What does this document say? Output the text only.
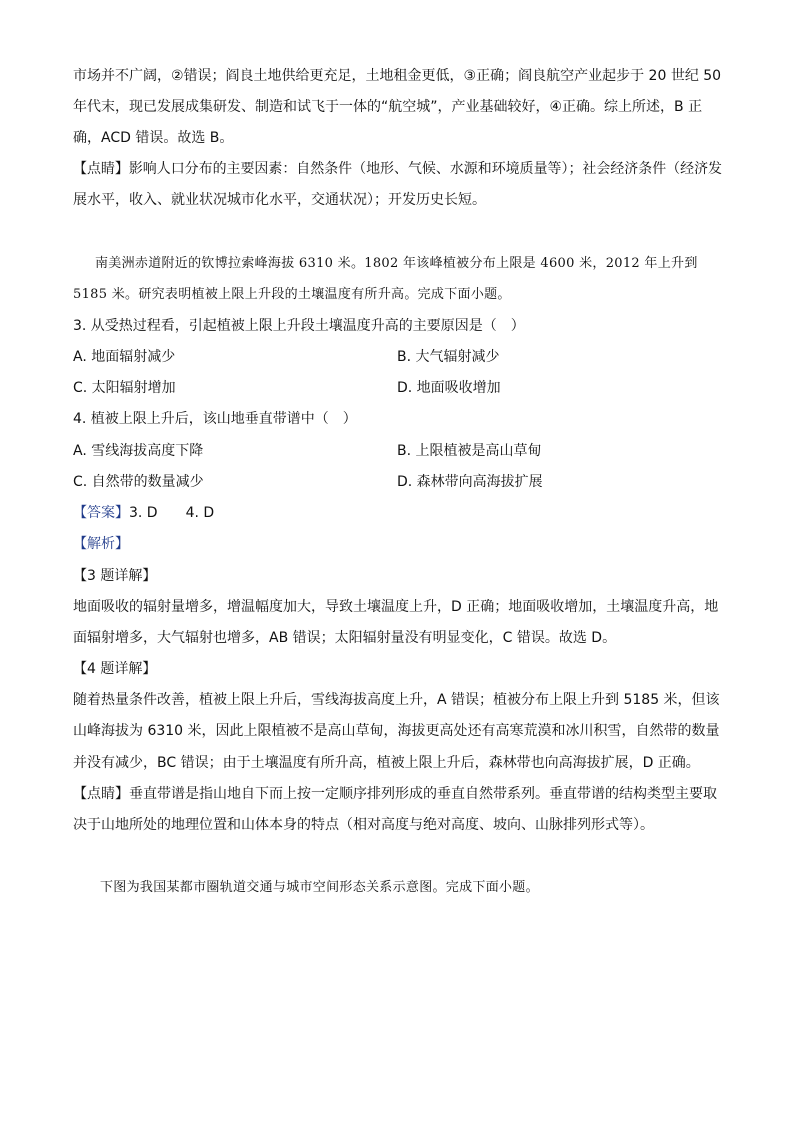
市场并不广阔，②错误；阎良土地供给更充足，土地租金更低，③正确；阎良航空产业起步于 20 世纪 50
年代末，现已发展成集研发、制造和试飞于一体的“航空城”，产业基础较好，④正确。综上所述，B 正
确，ACD 错误。故选 B。
【点睛】影响人口分布的主要因素：自然条件（地形、气候、水源和环境质量等）；社会经济条件（经济发
展水平，收入、就业状况城市化水平，交通状况）；开发历史长短。
南美洲赤道附近的钦博拉索峰海拔 6310 米。1802 年该峰植被分布上限是 4600 米，2012 年上升到
5185 米。研究表明植被上限上升段的土壤温度有所升高。完成下面小题。
3. 从受热过程看，引起植被上限上升段土壤温度升高的主要原因是（　）
A. 地面辐射减少	B. 大气辐射减少
C. 太阳辐射增加	D. 地面吸收增加
4. 植被上限上升后，该山地垂直带谱中（　）
A. 雪线海拔高度下降	B. 上限植被是高山草甸
C. 自然带的数量减少	D. 森林带向高海拔扩展
【答案】3. D　　4. D
【解析】
【3 题详解】
地面吸收的辐射量增多，增温幅度加大，导致土壤温度上升，D 正确；地面吸收增加，土壤温度升高，地
面辐射增多，大气辐射也增多，AB 错误；太阳辐射量没有明显变化，C 错误。故选 D。
【4 题详解】
随着热量条件改善，植被上限上升后，雪线海拔高度上升，A 错误；植被分布上限上升到 5185 米，但该
山峰海拔为 6310 米，因此上限植被不是高山草甸，海拔更高处还有高寒荒漠和冰川积雪，自然带的数量
并没有减少，BC 错误；由于土壤温度有所升高，植被上限上升后，森林带也向高海拔扩展，D 正确。
【点睛】垂直带谱是指山地自下而上按一定顺序排列形成的垂直自然带系列。垂直带谱的结构类型主要取
决于山地所处的地理位置和山体本身的特点（相对高度与绝对高度、坡向、山脉排列形式等）。
下图为我国某都市圈轨道交通与城市空间形态关系示意图。完成下面小题。
